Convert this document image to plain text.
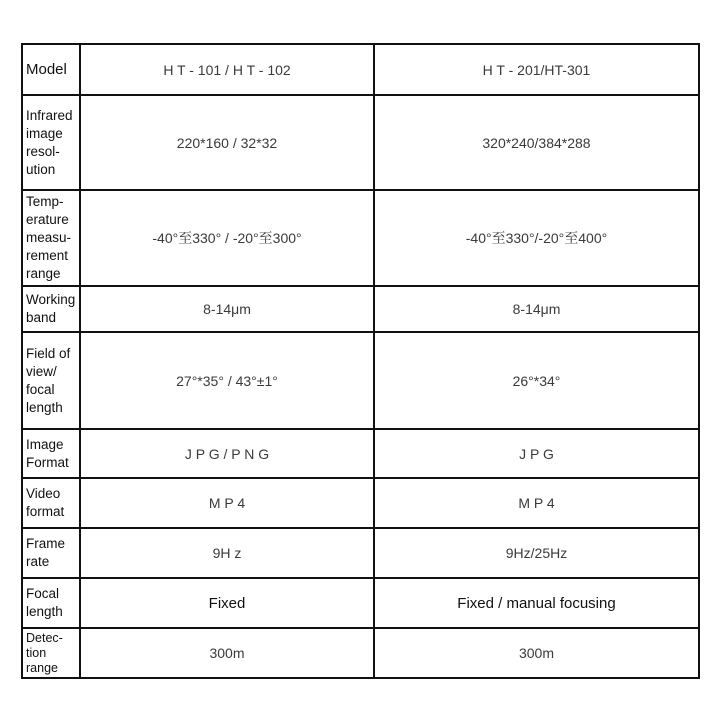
Model	H T - 101 / H T - 102	H T - 201/HT-301

Infrared
image
resol-
ution	220*160 / 32*32	320*240/384*288

Temp-
erature
measu-
rement
range	-40°至330° / -20°至300°	-40°至330°/-20°至400°

Working
band	8-14μm	8-14μm

Field of
view/
focal
length	27°*35° / 43°±1°	26°*34°

Image
Format	J P G / P N G	J P G

Video
format	M P 4	M P 4

Frame
rate	9H z	9Hz/25Hz

Focal
length	Fixed	Fixed / manual focusing

Detec-
tion
range	300m	300m
